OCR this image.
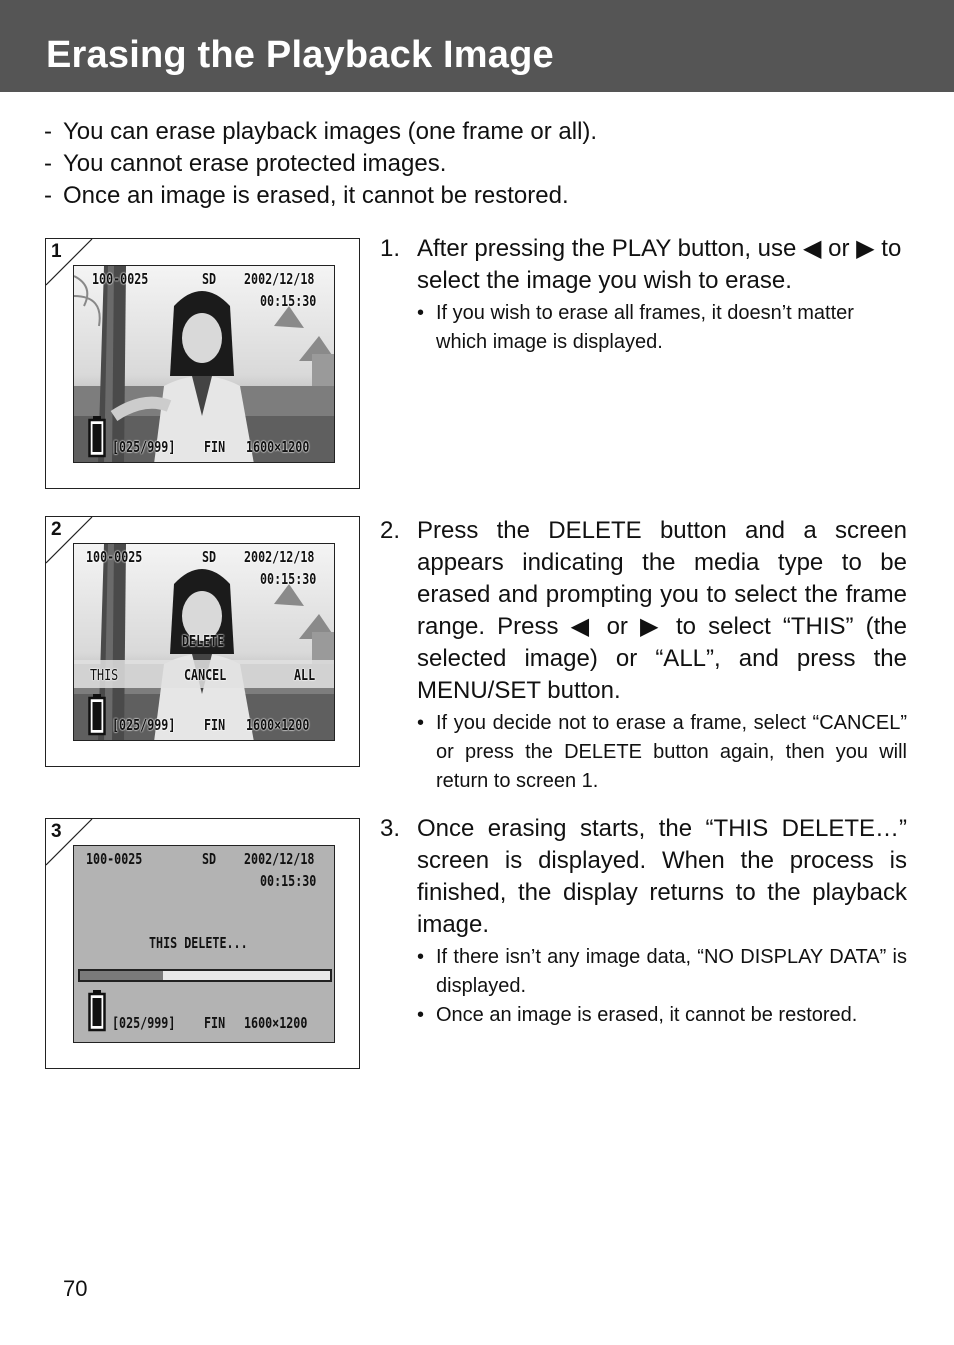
Erasing the Playback Image
- You can erase playback images (one frame or all).
- You cannot erase protected images.
- Once an image is erased, it cannot be restored.
1
100-0025	SD 2002/12/18
00:15:30
[025/999] FIN 1600×1200
2
100-0025	SD 2002/12/18
00:15:30
DELETE
THIS	CANCEL	ALL
[025/999] FIN 1600×1200
3
100-0025	SD 2002/12/18
00:15:30
THIS DELETE...
[025/999] FIN 1600×1200
1. After pressing the PLAY button, use ◀ or ▶ to select the image you wish to erase.
• If you wish to erase all frames, it doesn’t matter which image is displayed.
2. Press the DELETE button and a screen appears indicating the media type to be erased and prompting you to select the frame range. Press ◀ or ▶ to select “THIS” (the selected image) or “ALL”, and press the MENU/SET button.
• If you decide not to erase a frame, select “CANCEL” or press the DELETE button again, then you will return to screen 1.
3. Once erasing starts, the “THIS DELETE…” screen is displayed. When the process is finished, the display returns to the playback image.
• If there isn’t any image data, “NO DISPLAY DATA” is displayed.
• Once an image is erased, it cannot be restored.
70
